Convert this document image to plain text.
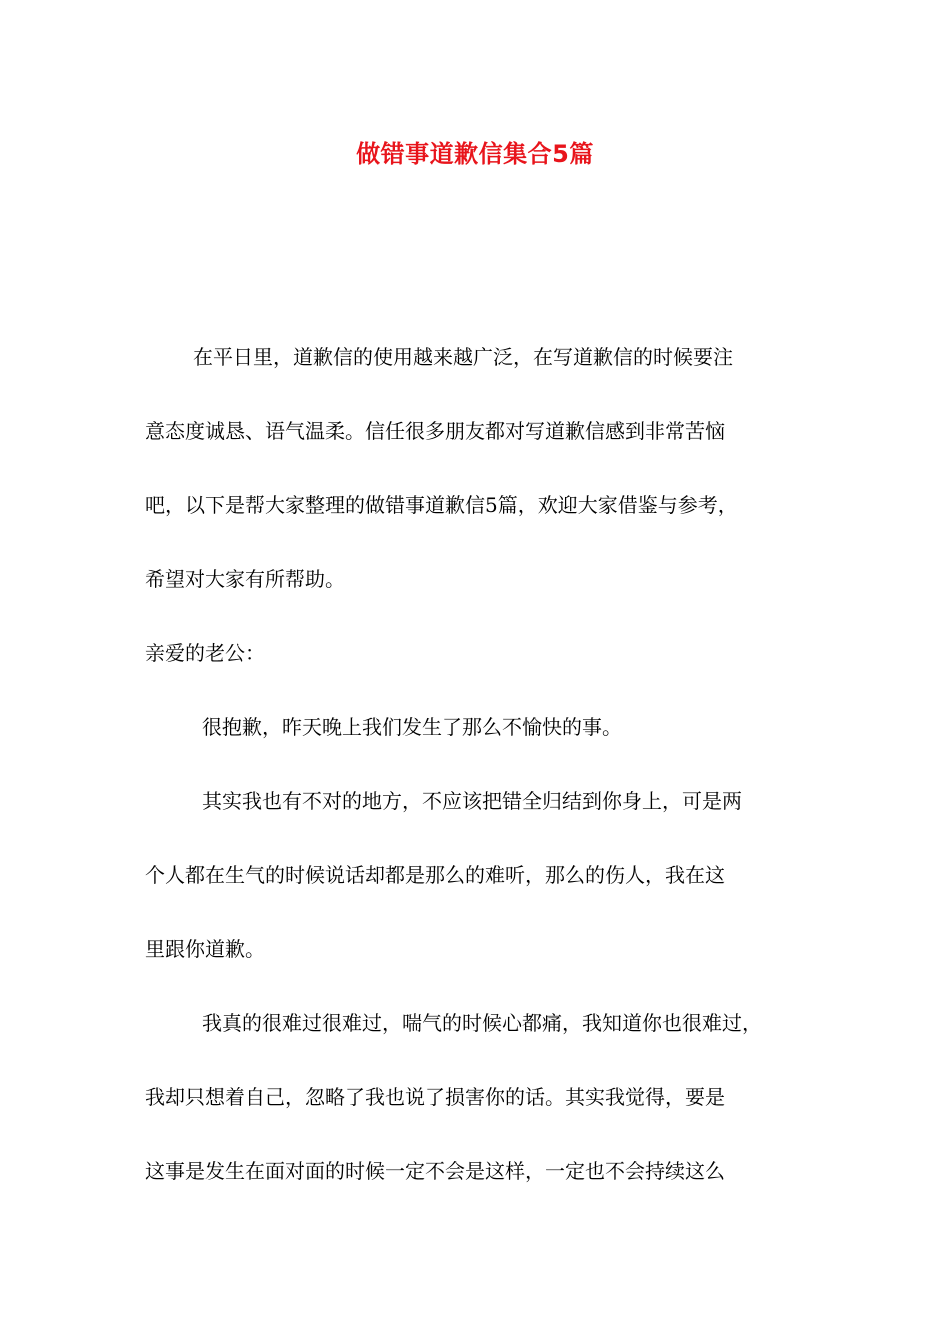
做错事道歉信集合5篇
在平日里，道歉信的使用越来越广泛，在写道歉信的时候要注
意态度诚恳、语气温柔。信任很多朋友都对写道歉信感到非常苦恼
吧，以下是帮大家整理的做错事道歉信5篇，欢迎大家借鉴与参考，
希望对大家有所帮助。
亲爱的老公：
很抱歉，昨天晚上我们发生了那么不愉快的事。
其实我也有不对的地方，不应该把错全归结到你身上，可是两
个人都在生气的时候说话却都是那么的难听，那么的伤人，我在这
里跟你道歉。
我真的很难过很难过，喘气的时候心都痛，我知道你也很难过，
我却只想着自己，忽略了我也说了损害你的话。其实我觉得，要是
这事是发生在面对面的时候一定不会是这样，一定也不会持续这么
